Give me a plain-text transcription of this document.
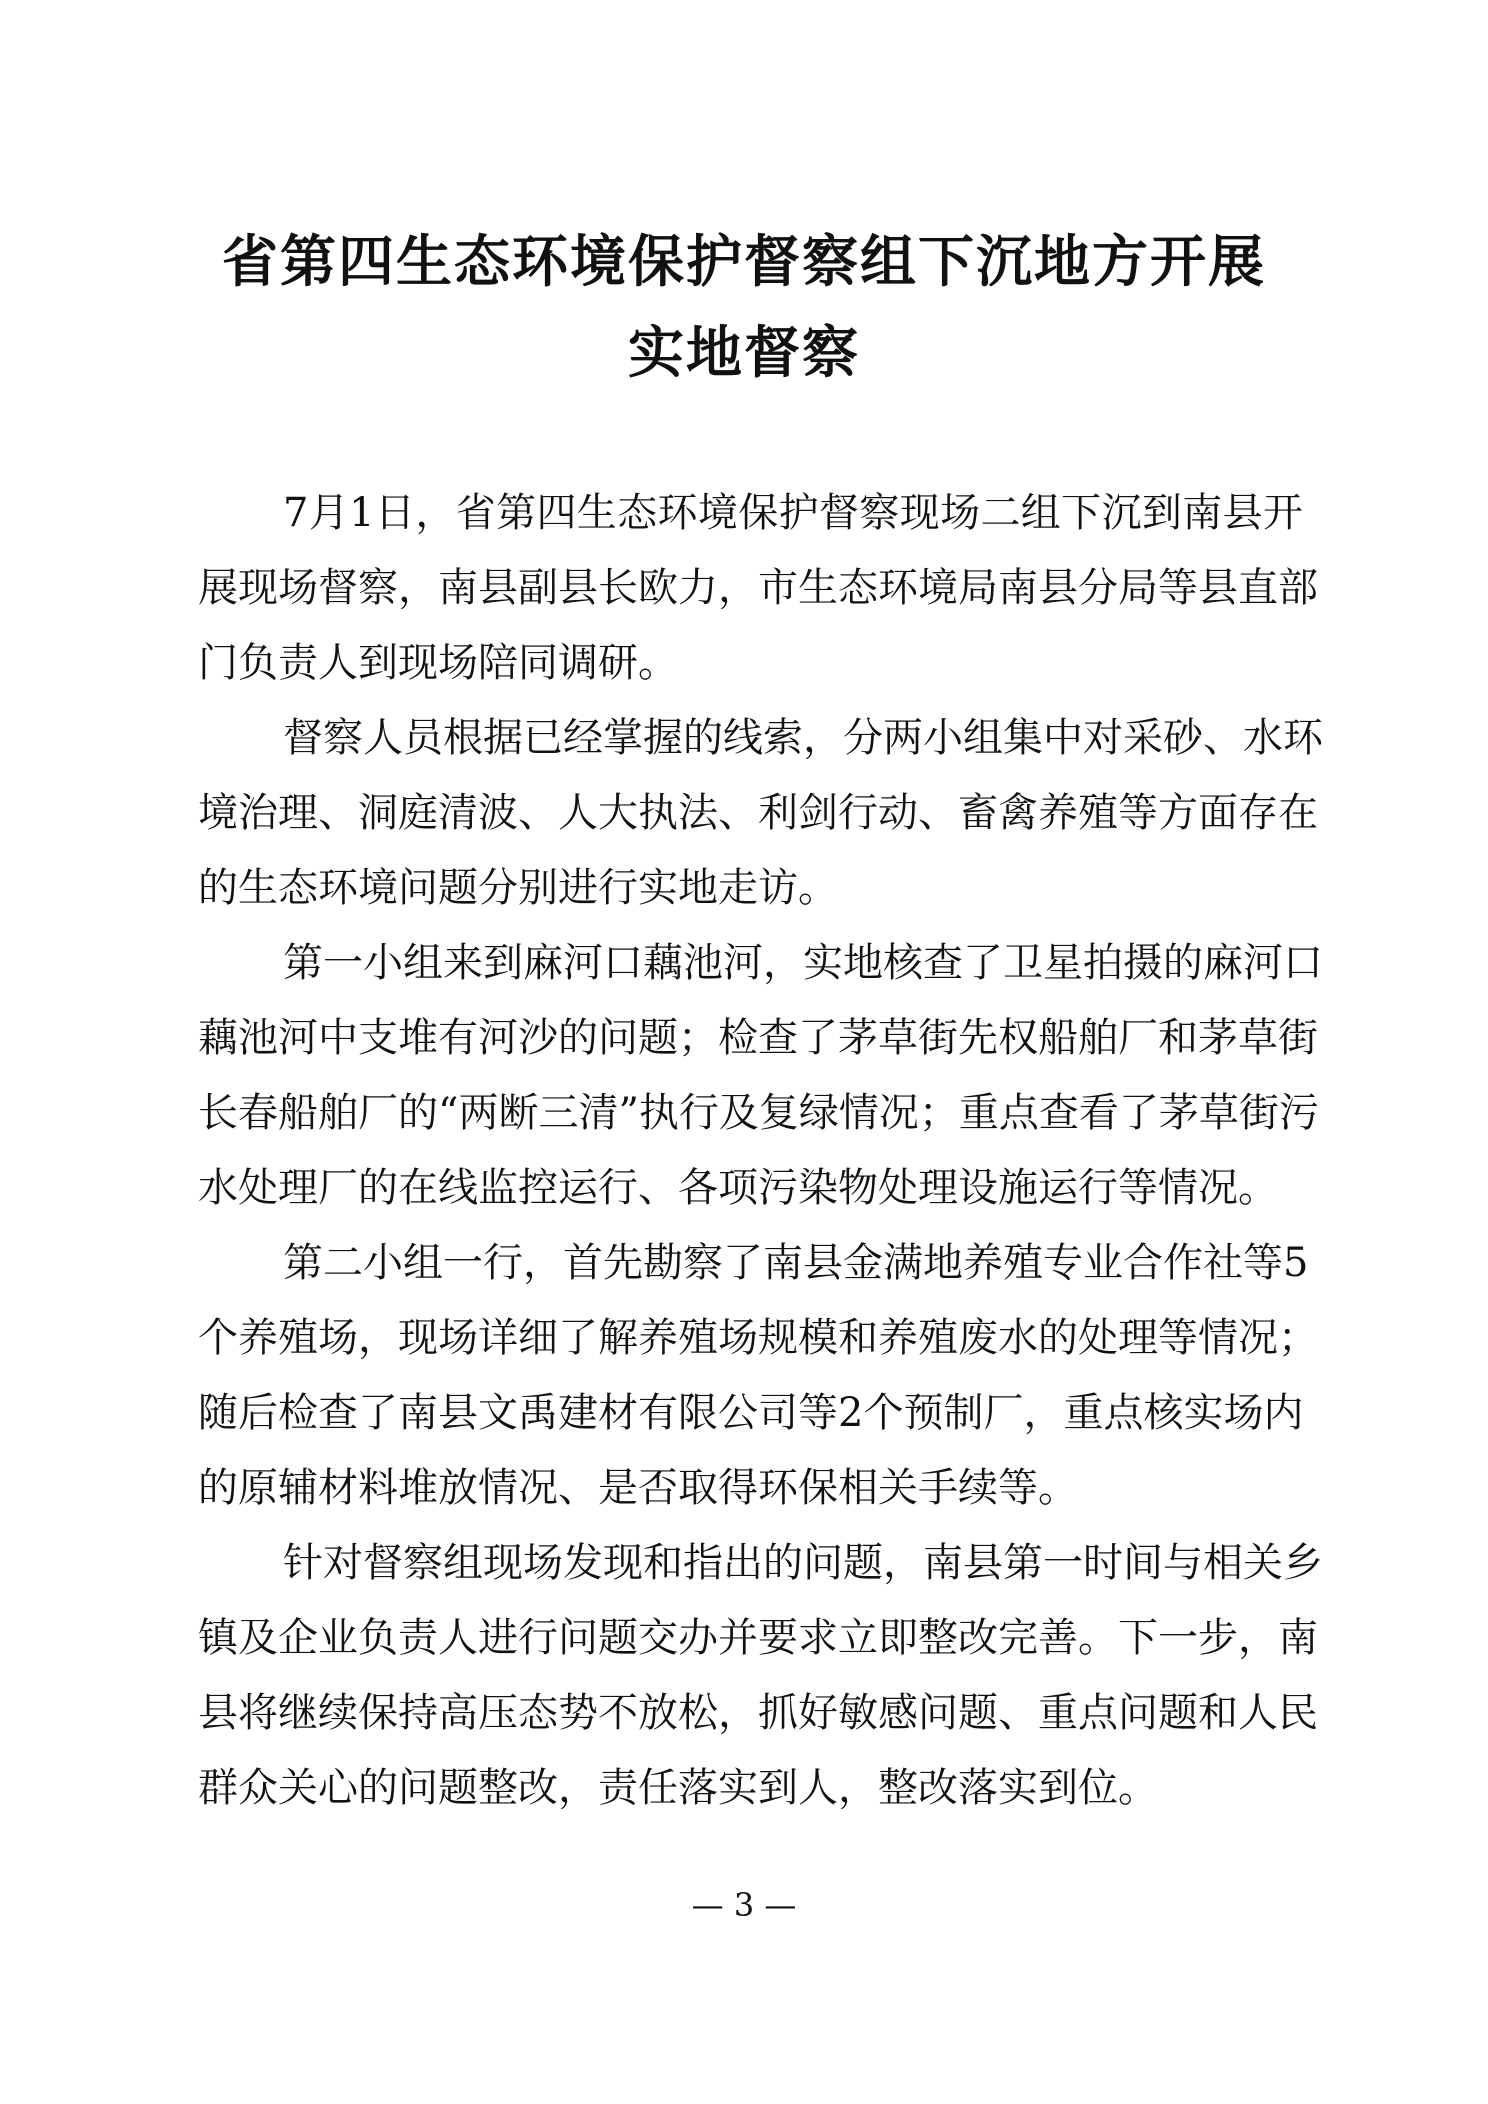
省第四生态环境保护督察组下沉地方开展
实地督察
7月1日，省第四生态环境保护督察现场二组下沉到南县开
展现场督察，南县副县长欧力，市生态环境局南县分局等县直部
门负责人到现场陪同调研。
督察人员根据已经掌握的线索，分两小组集中对采砂、水环
境治理、洞庭清波、人大执法、利剑行动、畜禽养殖等方面存在
的生态环境问题分别进行实地走访。
第一小组来到麻河口藕池河，实地核查了卫星拍摄的麻河口
藕池河中支堆有河沙的问题；检查了茅草街先权船舶厂和茅草街
长春船舶厂的“两断三清”执行及复绿情况；重点查看了茅草街污
水处理厂的在线监控运行、各项污染物处理设施运行等情况。
第二小组一行，首先勘察了南县金满地养殖专业合作社等5
个养殖场，现场详细了解养殖场规模和养殖废水的处理等情况；
随后检查了南县文禹建材有限公司等2个预制厂，重点核实场内
的原辅材料堆放情况、是否取得环保相关手续等。
针对督察组现场发现和指出的问题，南县第一时间与相关乡
镇及企业负责人进行问题交办并要求立即整改完善。下一步，南
县将继续保持高压态势不放松，抓好敏感问题、重点问题和人民
群众关心的问题整改，责任落实到人，整改落实到位。
— 3 —
